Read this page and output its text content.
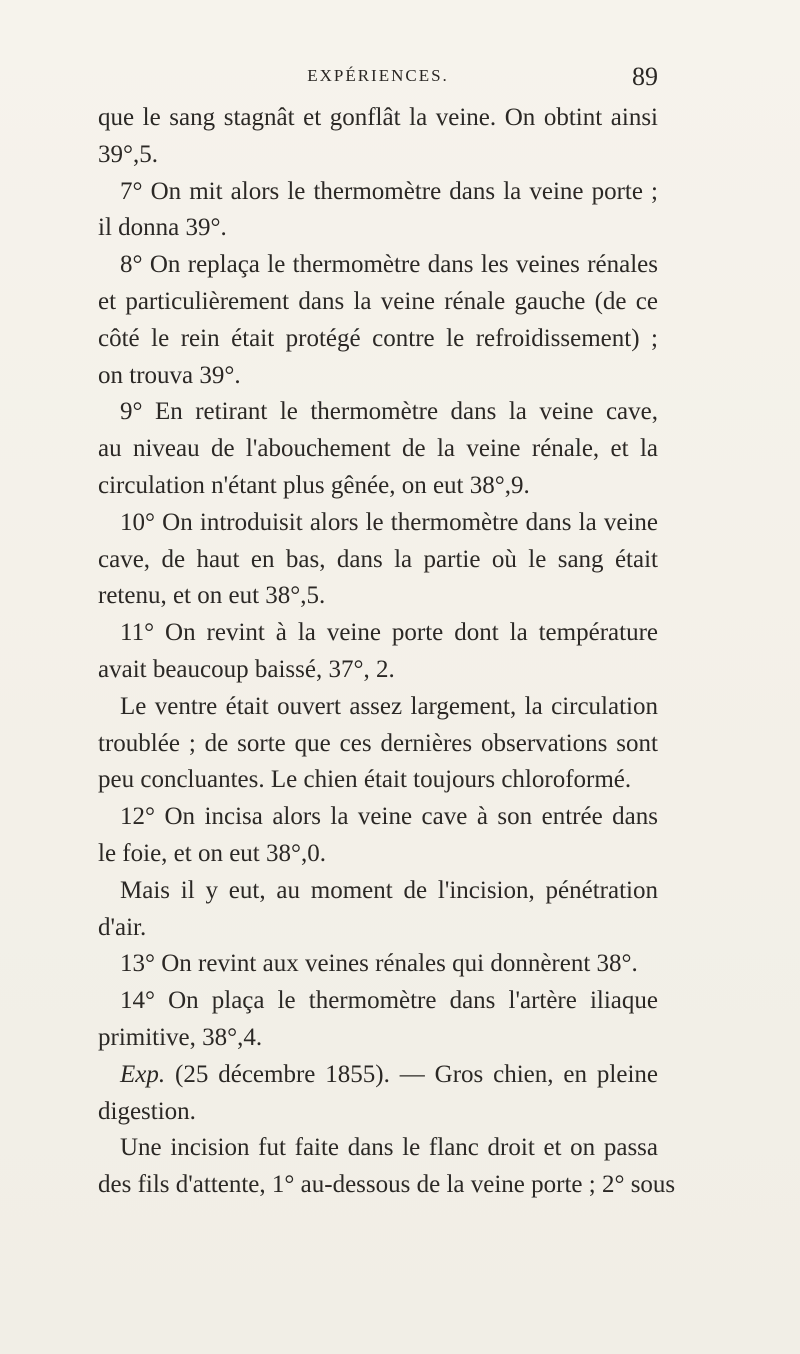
EXPÉRIENCES.	89
que le sang stagnât et gonflât la veine. On obtint ainsi
39°,5.
7° On mit alors le thermomètre dans la veine porte ;
il donna 39°.
8° On replaça le thermomètre dans les veines rénales
et particulièrement dans la veine rénale gauche (de ce
côté le rein était protégé contre le refroidissement) ;
on trouva 39°.
9° En retirant le thermomètre dans la veine cave,
au niveau de l'abouchement de la veine rénale, et la
circulation n'étant plus gênée, on eut 38°,9.
10° On introduisit alors le thermomètre dans la veine
cave, de haut en bas, dans la partie où le sang était
retenu, et on eut 38°,5.
11° On revint à la veine porte dont la température
avait beaucoup baissé, 37°, 2.
Le ventre était ouvert assez largement, la circulation
troublée ; de sorte que ces dernières observations sont
peu concluantes. Le chien était toujours chloroformé.
12° On incisa alors la veine cave à son entrée dans
le foie, et on eut 38°,0.
Mais il y eut, au moment de l'incision, pénétration
d'air.
13° On revint aux veines rénales qui donnèrent 38°.
14° On plaça le thermomètre dans l'artère iliaque
primitive, 38°,4.
Exp. (25 décembre 1855). — Gros chien, en pleine
digestion.
Une incision fut faite dans le flanc droit et on passa
des fils d'attente, 1° au-dessous de la veine porte ; 2° sous
